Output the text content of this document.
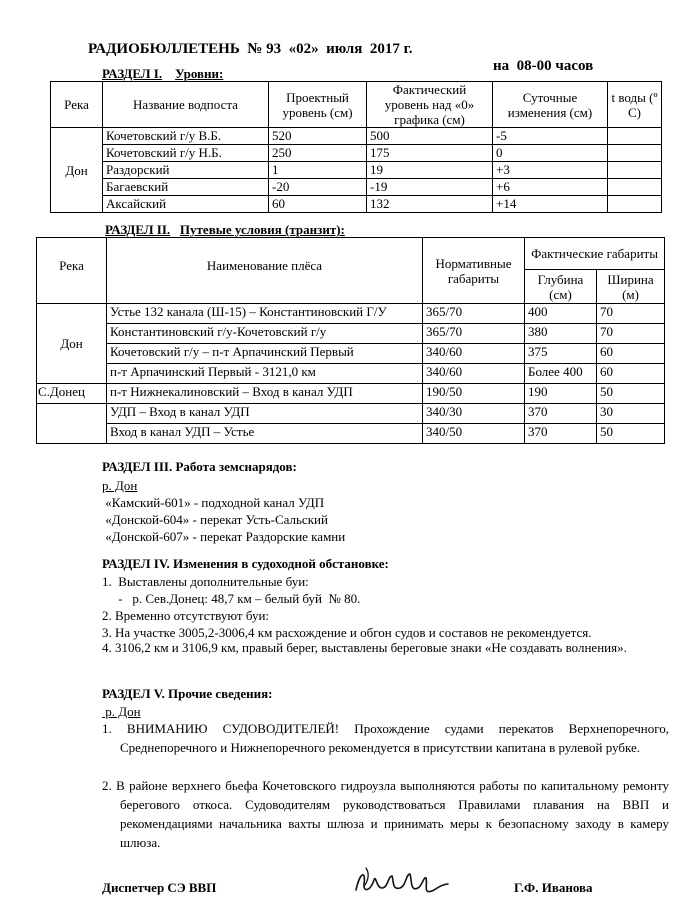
РАДИОБЮЛЛЕТЕНЬ  № 93  «02»  июля  2017 г.

на  08-00 часов

РАЗДЕЛ I. Уровни:
Река	Название водпоста	Проектный уровень (см)	Фактический уровень над «0» графика (см)	Суточные изменения (см)	t воды (º С)
Дон	Кочетовский г/у В.Б.	520	500	-5	
	Кочетовский г/у Н.Б.	250	175	0	
	Раздорский	1	19	+3	
	Багаевский	-20	-19	+6	
	Аксайский	60	132	+14	
РАЗДЕЛ II. Путевые условия (транзит):
Река	Наименование плёса	Нормативные габариты	Фактические габариты	
			Глубина (см)	Ширина (м)
Дон	Устье 132 канала (Ш-15) – Константиновский Г/У	365/70	400	70
	Константиновский г/у-Кочетовский г/у	365/70	380	70
	Кочетовский г/у – п-т Арпачинский Первый	340/60	375	60
	п-т Арпачинский Первый - 3121,0 км	340/60	Более 400	60
С.Донец	п-т Нижнекалиновский – Вход в канал УДП	190/50	190	50
	УДП – Вход в канал УДП	340/30	370	30
	Вход в канал УДП – Устье	340/50	370	50
РАЗДЕЛ III. Работа земснарядов:
р. Дон
«Камский-601» - подходной канал УДП
«Донской-604» - перекат Усть-Сальский
«Донской-607» - перекат Раздорские камни
РАЗДЕЛ IV. Изменения в судоходной обстановке:
1.  Выставлены дополнительные буи:
-   р. Сев.Донец: 48,7 км – белый буй  № 80.
2. Временно отсутствуют буи:
3. На участке 3005,2-3006,4 км расхождение и обгон судов и составов не рекомендуется.
4. 3106,2 км и 3106,9 км, правый берег, выставлены береговые знаки «Не создавать волнения».
РАЗДЕЛ V. Прочие сведения:
р. Дон
1. ВНИМАНИЮ СУДОВОДИТЕЛЕЙ! Прохождение судами перекатов Верхнепоречного, Среднепоречного и Нижнепоречного рекомендуется в присутствии капитана в рулевой рубке.
2. В районе верхнего бьефа Кочетовского гидроузла выполняются работы по капитальному ремонту берегового откоса. Судоводителям руководствоваться Правилами плавания на ВВП и рекомендациями начальника вахты шлюза и принимать меры к безопасному заходу в камеру шлюза.
Диспетчер СЭ ВВП	Г.Ф. Иванова
